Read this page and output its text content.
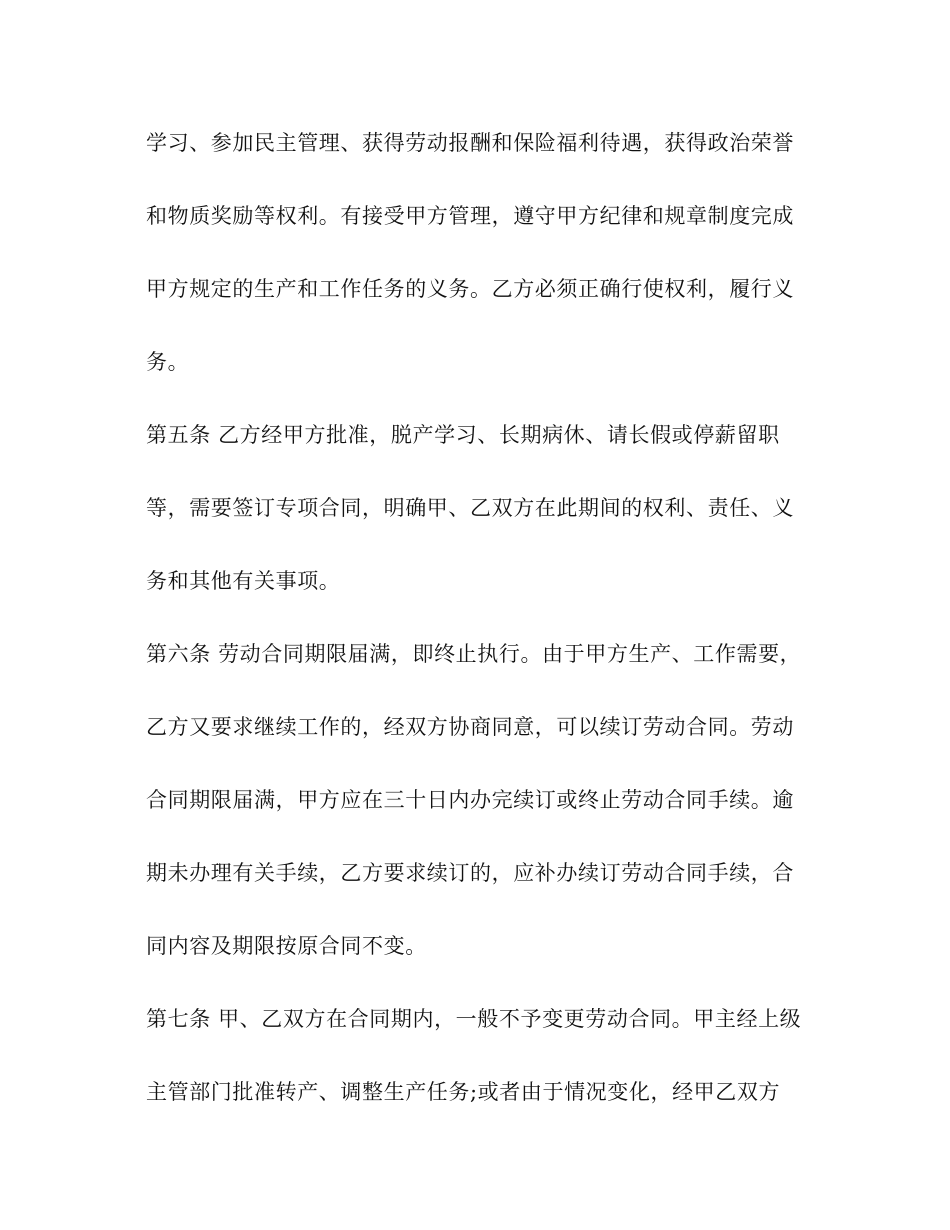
学习、参加民主管理、获得劳动报酬和保险福利待遇，获得政治荣誉
和物质奖励等权利。有接受甲方管理，遵守甲方纪律和规章制度完成
甲方规定的生产和工作任务的义务。乙方必须正确行使权利，履行义
务。
第五条 乙方经甲方批准，脱产学习、长期病休、请长假或停薪留职
等，需要签订专项合同，明确甲、乙双方在此期间的权利、责任、义
务和其他有关事项。
第六条 劳动合同期限届满，即终止执行。由于甲方生产、工作需要，
乙方又要求继续工作的，经双方协商同意，可以续订劳动合同。劳动
合同期限届满，甲方应在三十日内办完续订或终止劳动合同手续。逾
期未办理有关手续，乙方要求续订的，应补办续订劳动合同手续，合
同内容及期限按原合同不变。
第七条 甲、乙双方在合同期内，一般不予变更劳动合同。甲主经上级
主管部门批准转产、调整生产任务;或者由于情况变化，经甲乙双方
